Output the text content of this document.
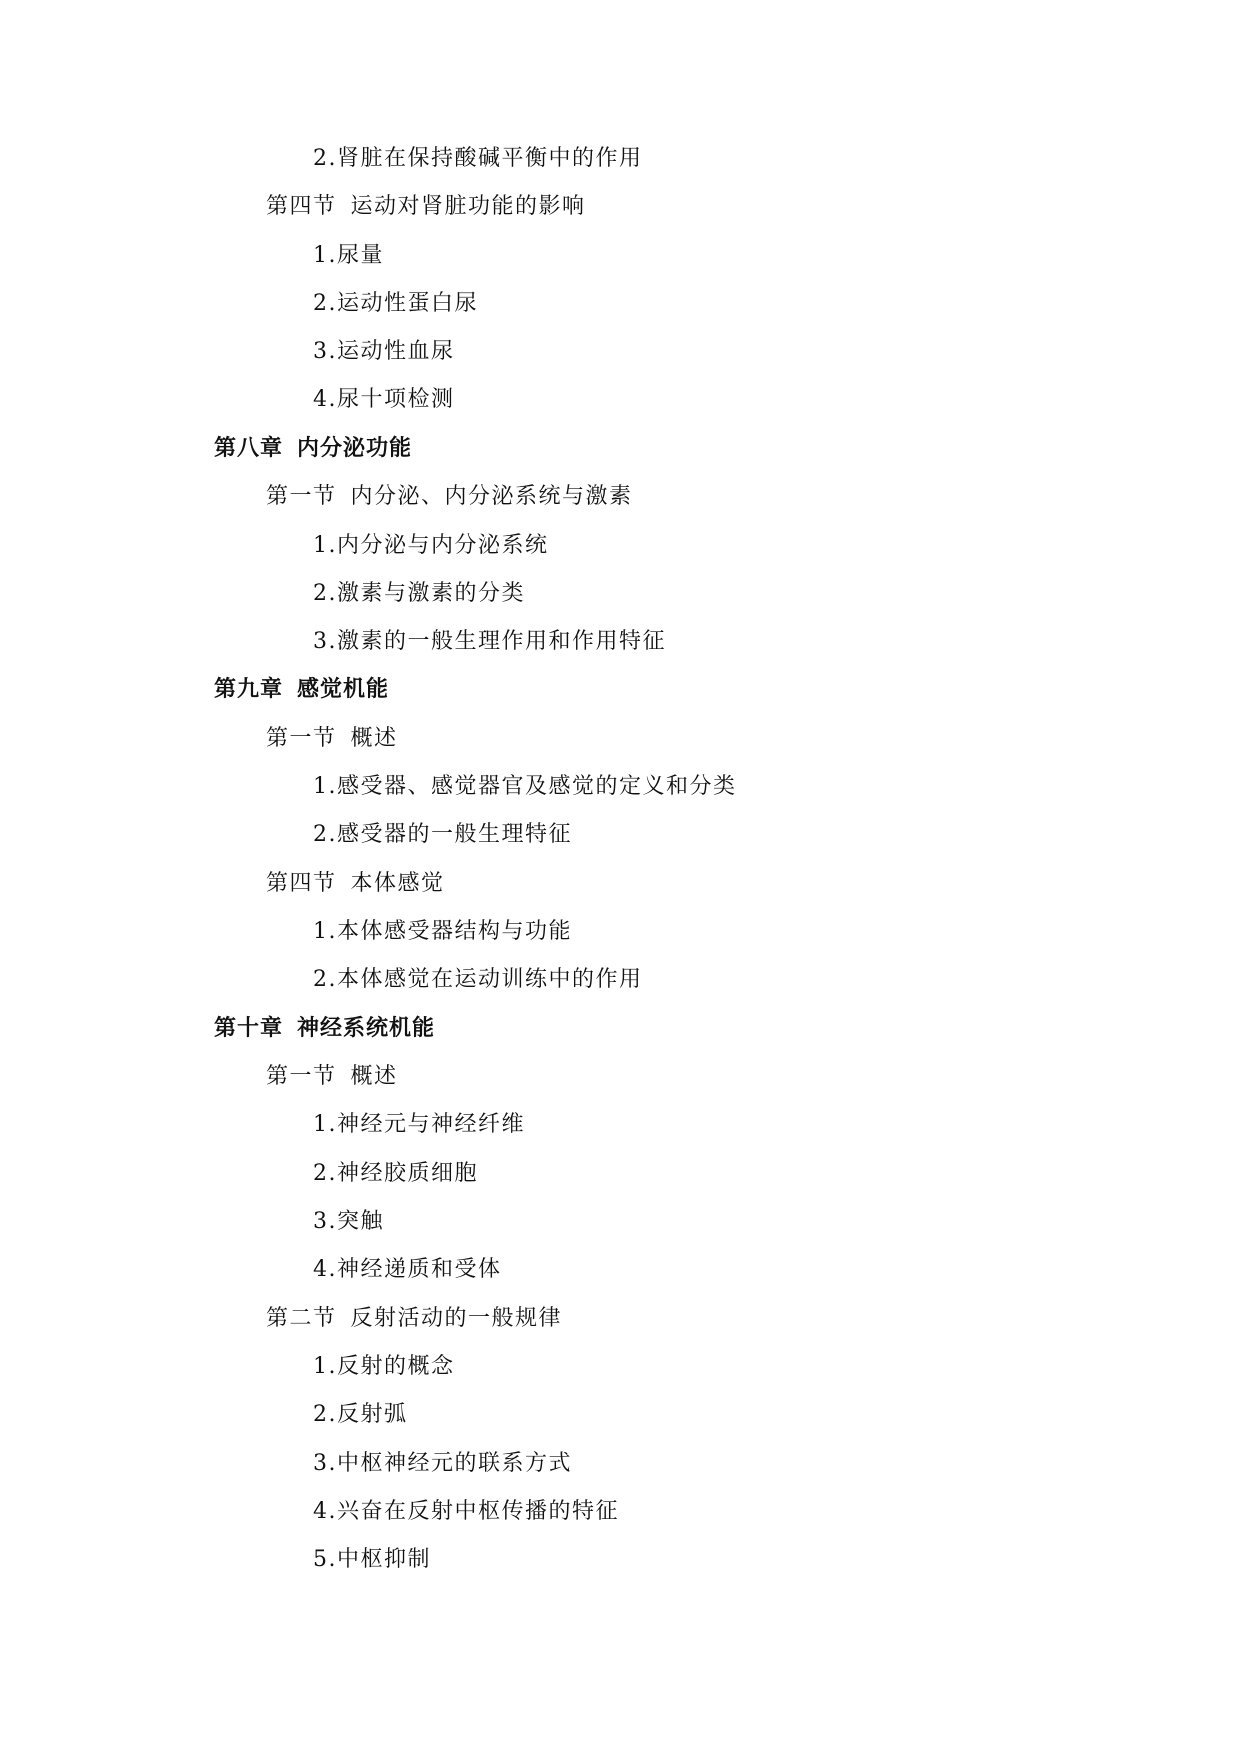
2.肾脏在保持酸碱平衡中的作用
第四节 运动对肾脏功能的影响
1.尿量
2.运动性蛋白尿
3.运动性血尿
4.尿十项检测
第八章 内分泌功能
第一节 内分泌、内分泌系统与激素
1.内分泌与内分泌系统
2.激素与激素的分类
3.激素的一般生理作用和作用特征
第九章 感觉机能
第一节 概述
1.感受器、感觉器官及感觉的定义和分类
2.感受器的一般生理特征
第四节 本体感觉
1.本体感受器结构与功能
2.本体感觉在运动训练中的作用
第十章 神经系统机能
第一节 概述
1.神经元与神经纤维
2.神经胶质细胞
3.突触
4.神经递质和受体
第二节 反射活动的一般规律
1.反射的概念
2.反射弧
3.中枢神经元的联系方式
4.兴奋在反射中枢传播的特征
5.中枢抑制
